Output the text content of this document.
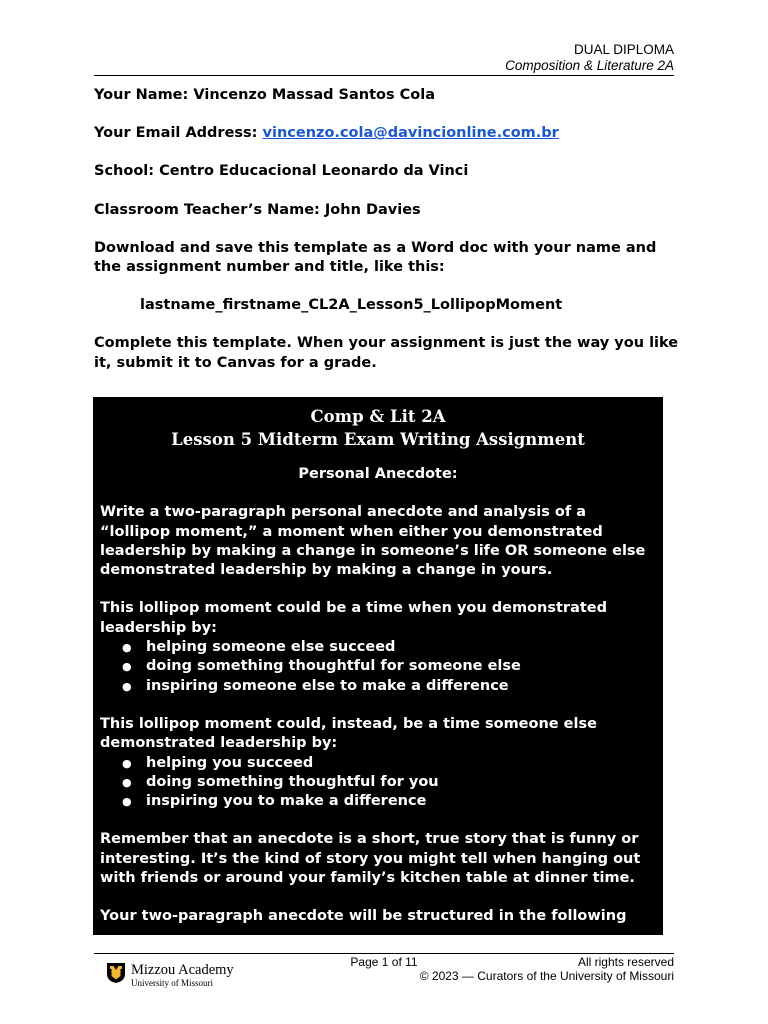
DUAL DIPLOMA
Composition & Literature 2A

Your Name: Vincenzo Massad Santos Cola

Your Email Address: vincenzo.cola@davincionline.com.br

School: Centro Educacional Leonardo da Vinci

Classroom Teacher’s Name: John Davies

Download and save this template as a Word doc with your name and the assignment number and title, like this:

lastname_firstname_CL2A_Lesson5_LollipopMoment

Complete this template. When your assignment is just the way you like it, submit it to Canvas for a grade.

Comp & Lit 2A
Lesson 5 Midterm Exam Writing Assignment
Personal Anecdote:

Write a two-paragraph personal anecdote and analysis of a “lollipop moment,” a moment when either you demonstrated leadership by making a change in someone’s life OR someone else demonstrated leadership by making a change in yours.

This lollipop moment could be a time when you demonstrated leadership by:

● helping someone else succeed
● doing something thoughtful for someone else
● inspiring someone else to make a difference

This lollipop moment could, instead, be a time someone else demonstrated leadership by:

● helping you succeed
● doing something thoughtful for you
● inspiring you to make a difference

Remember that an anecdote is a short, true story that is funny or interesting. It’s the kind of story you might tell when hanging out with friends or around your family’s kitchen table at dinner time.

Your two-paragraph anecdote will be structured in the following

Page 1 of 11	All rights reserved
© 2023 — Curators of the University of Missouri
Mizzou Academy
University of Missouri
